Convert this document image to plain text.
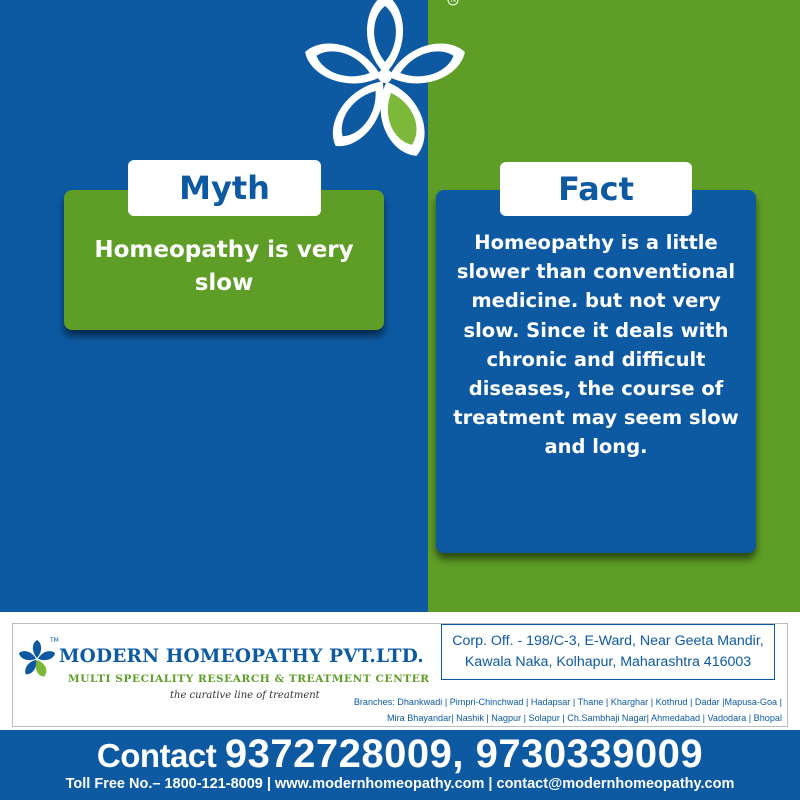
TM
Myth
Homeopathy is very slow
Fact
Homeopathy is a little slower than conventional medicine. but not very slow. Since it deals with chronic and difficult diseases, the course of treatment may seem slow and long.
TM
MODERN HOMEOPATHY PVT.LTD.
MULTI SPECIALITY RESEARCH & TREATMENT CENTER
the curative line of treatment
Corp. Off. - 198/C-3, E-Ward, Near Geeta Mandir,
Kawala Naka, Kolhapur, Maharashtra 416003
Branches: Dhankwadi | Pimpri-Chinchwad | Hadapsar | Thane | Kharghar | Kothrud | Dadar |Mapusa-Goa |
Mira Bhayandar| Nashik | Nagpur | Solapur | Ch.Sambhaji Nagar| Ahmedabad | Vadodara | Bhopal
Contact 9372728009, 9730339009
Toll Free No.– 1800-121-8009 | www.modernhomeopathy.com | contact@modernhomeopathy.com
